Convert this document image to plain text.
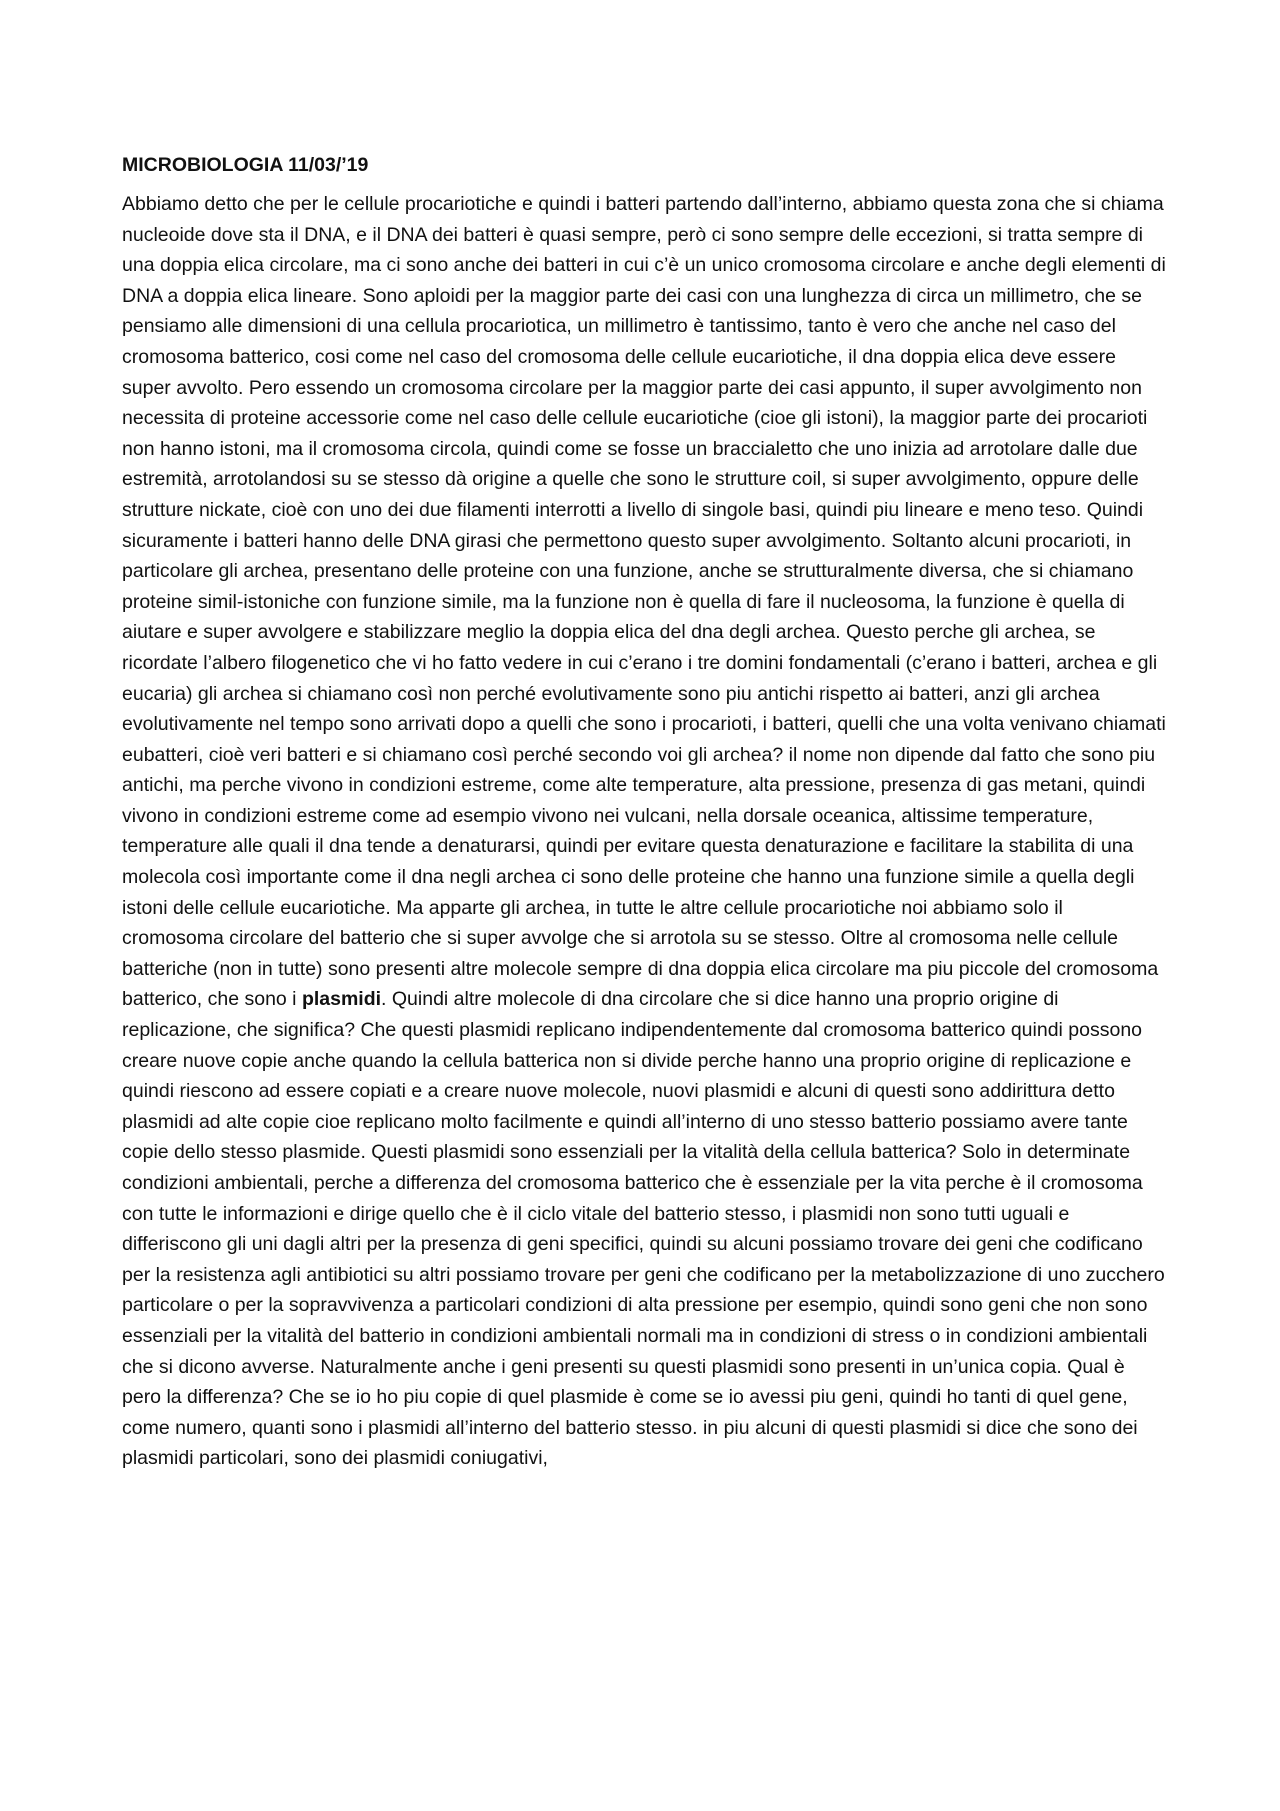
MICROBIOLOGIA 11/03/’19

Abbiamo detto che per le cellule procariotiche e quindi i batteri partendo dall’interno, abbiamo questa zona che si chiama nucleoide dove sta il DNA, e il DNA dei batteri è quasi sempre, però ci sono sempre delle eccezioni, si tratta sempre di una doppia elica circolare, ma ci sono anche dei batteri in cui c’è un unico cromosoma circolare e anche degli elementi di DNA a doppia elica lineare. Sono aploidi per la maggior parte dei casi con una lunghezza di circa un millimetro, che se pensiamo alle dimensioni di una cellula procariotica, un millimetro è tantissimo, tanto è vero che anche nel caso del cromosoma batterico, cosi come nel caso del cromosoma delle cellule eucariotiche, il dna doppia elica deve essere super avvolto. Pero essendo un cromosoma circolare per la maggior parte dei casi appunto, il super avvolgimento non necessita di proteine accessorie come nel caso delle cellule eucariotiche (cioe gli istoni), la maggior parte dei procarioti non hanno istoni, ma il cromosoma circola, quindi come se fosse un braccialetto che uno inizia ad arrotolare dalle due estremità, arrotolandosi su se stesso dà origine a quelle che sono le strutture coil, si super avvolgimento, oppure delle strutture nickate, cioè con uno dei due filamenti interrotti a livello di singole basi, quindi piu lineare e meno teso. Quindi sicuramente i batteri hanno delle DNA girasi che permettono questo super avvolgimento. Soltanto alcuni procarioti, in particolare gli archea, presentano delle proteine con una funzione, anche se strutturalmente diversa, che si chiamano proteine simil-istoniche con funzione simile, ma la funzione non è quella di fare il nucleosoma, la funzione è quella di aiutare e super avvolgere e stabilizzare meglio la doppia elica del dna degli archea. Questo perche gli archea, se ricordate l’albero filogenetico che vi ho fatto vedere in cui c’erano i tre domini fondamentali (c’erano i batteri, archea e gli eucaria) gli archea si chiamano così non perché evolutivamente sono piu antichi rispetto ai batteri, anzi gli archea evolutivamente nel tempo sono arrivati dopo a quelli che sono i procarioti, i batteri, quelli che una volta venivano chiamati eubatteri, cioè veri batteri e si chiamano così perché secondo voi gli archea? il nome non dipende dal fatto che sono piu antichi, ma perche vivono in condizioni estreme, come alte temperature, alta pressione, presenza di gas metani, quindi vivono in condizioni estreme come ad esempio vivono nei vulcani, nella dorsale oceanica, altissime temperature, temperature alle quali il dna tende a denaturarsi, quindi per evitare questa denaturazione e facilitare la stabilita di una molecola così importante come il dna negli archea ci sono delle proteine che hanno una funzione simile a quella degli istoni delle cellule eucariotiche. Ma apparte gli archea, in tutte le altre cellule procariotiche noi abbiamo solo il cromosoma circolare del batterio che si super avvolge che si arrotola su se stesso. Oltre al cromosoma nelle cellule batteriche (non in tutte) sono presenti altre molecole sempre di dna doppia elica circolare ma piu piccole del cromosoma batterico, che sono i plasmidi. Quindi altre molecole di dna circolare che si dice hanno una proprio origine di replicazione, che significa? Che questi plasmidi replicano indipendentemente dal cromosoma batterico quindi possono creare nuove copie anche quando la cellula batterica non si divide perche hanno una proprio origine di replicazione e quindi riescono ad essere copiati e a creare nuove molecole, nuovi plasmidi e alcuni di questi sono addirittura detto plasmidi ad alte copie cioe replicano molto facilmente e quindi all’interno di uno stesso batterio possiamo avere tante copie dello stesso plasmide. Questi plasmidi sono essenziali per la vitalità della cellula batterica? Solo in determinate condizioni ambientali, perche a differenza del cromosoma batterico che è essenziale per la vita perche è il cromosoma con tutte le informazioni e dirige quello che è il ciclo vitale del batterio stesso, i plasmidi non sono tutti uguali e differiscono gli uni dagli altri per la presenza di geni specifici, quindi su alcuni possiamo trovare dei geni che codificano per la resistenza agli antibiotici su altri possiamo trovare per geni che codificano per la metabolizzazione di uno zucchero particolare o per la sopravvivenza a particolari condizioni di alta pressione per esempio, quindi sono geni che non sono essenziali per la vitalità del batterio in condizioni ambientali normali ma in condizioni di stress o in condizioni ambientali che si dicono avverse. Naturalmente anche i geni presenti su questi plasmidi sono presenti in un’unica copia. Qual è pero la differenza? Che se io ho piu copie di quel plasmide è come se io avessi piu geni, quindi ho tanti di quel gene, come numero, quanti sono i plasmidi all’interno del batterio stesso. in piu alcuni di questi plasmidi si dice che sono dei plasmidi particolari, sono dei plasmidi coniugativi,
